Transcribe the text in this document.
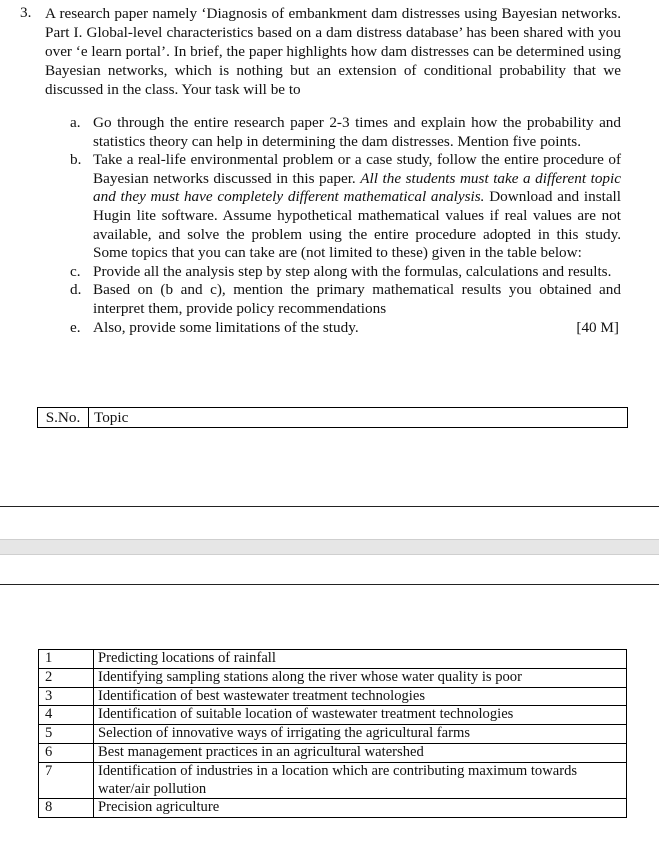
3. A research paper namely ‘Diagnosis of embankment dam distresses using Bayesian networks. Part I. Global-level characteristics based on a dam distress database’ has been shared with you over ‘e learn portal’. In brief, the paper highlights how dam distresses can be determined using Bayesian networks, which is nothing but an extension of conditional probability that we discussed in the class. Your task will be to
a. Go through the entire research paper 2-3 times and explain how the probability and statistics theory can help in determining the dam distresses. Mention five points.
b. Take a real-life environmental problem or a case study, follow the entire procedure of Bayesian networks discussed in this paper. All the students must take a different topic and they must have completely different mathematical analysis. Download and install Hugin lite software. Assume hypothetical mathematical values if real values are not available, and solve the problem using the entire procedure adopted in this study. Some topics that you can take are (not limited to these) given in the table below:
c. Provide all the analysis step by step along with the formulas, calculations and results.
d. Based on (b and c), mention the primary mathematical results you obtained and interpret them, provide policy recommendations
e. Also, provide some limitations of the study.	[40 M]
S.No. Topic
1	Predicting locations of rainfall
2	Identifying sampling stations along the river whose water quality is poor
3	Identification of best wastewater treatment technologies
4	Identification of suitable location of wastewater treatment technologies
5	Selection of innovative ways of irrigating the agricultural farms
6	Best management practices in an agricultural watershed
7	Identification of industries in a location which are contributing maximum towards water/air pollution
8	Precision agriculture
